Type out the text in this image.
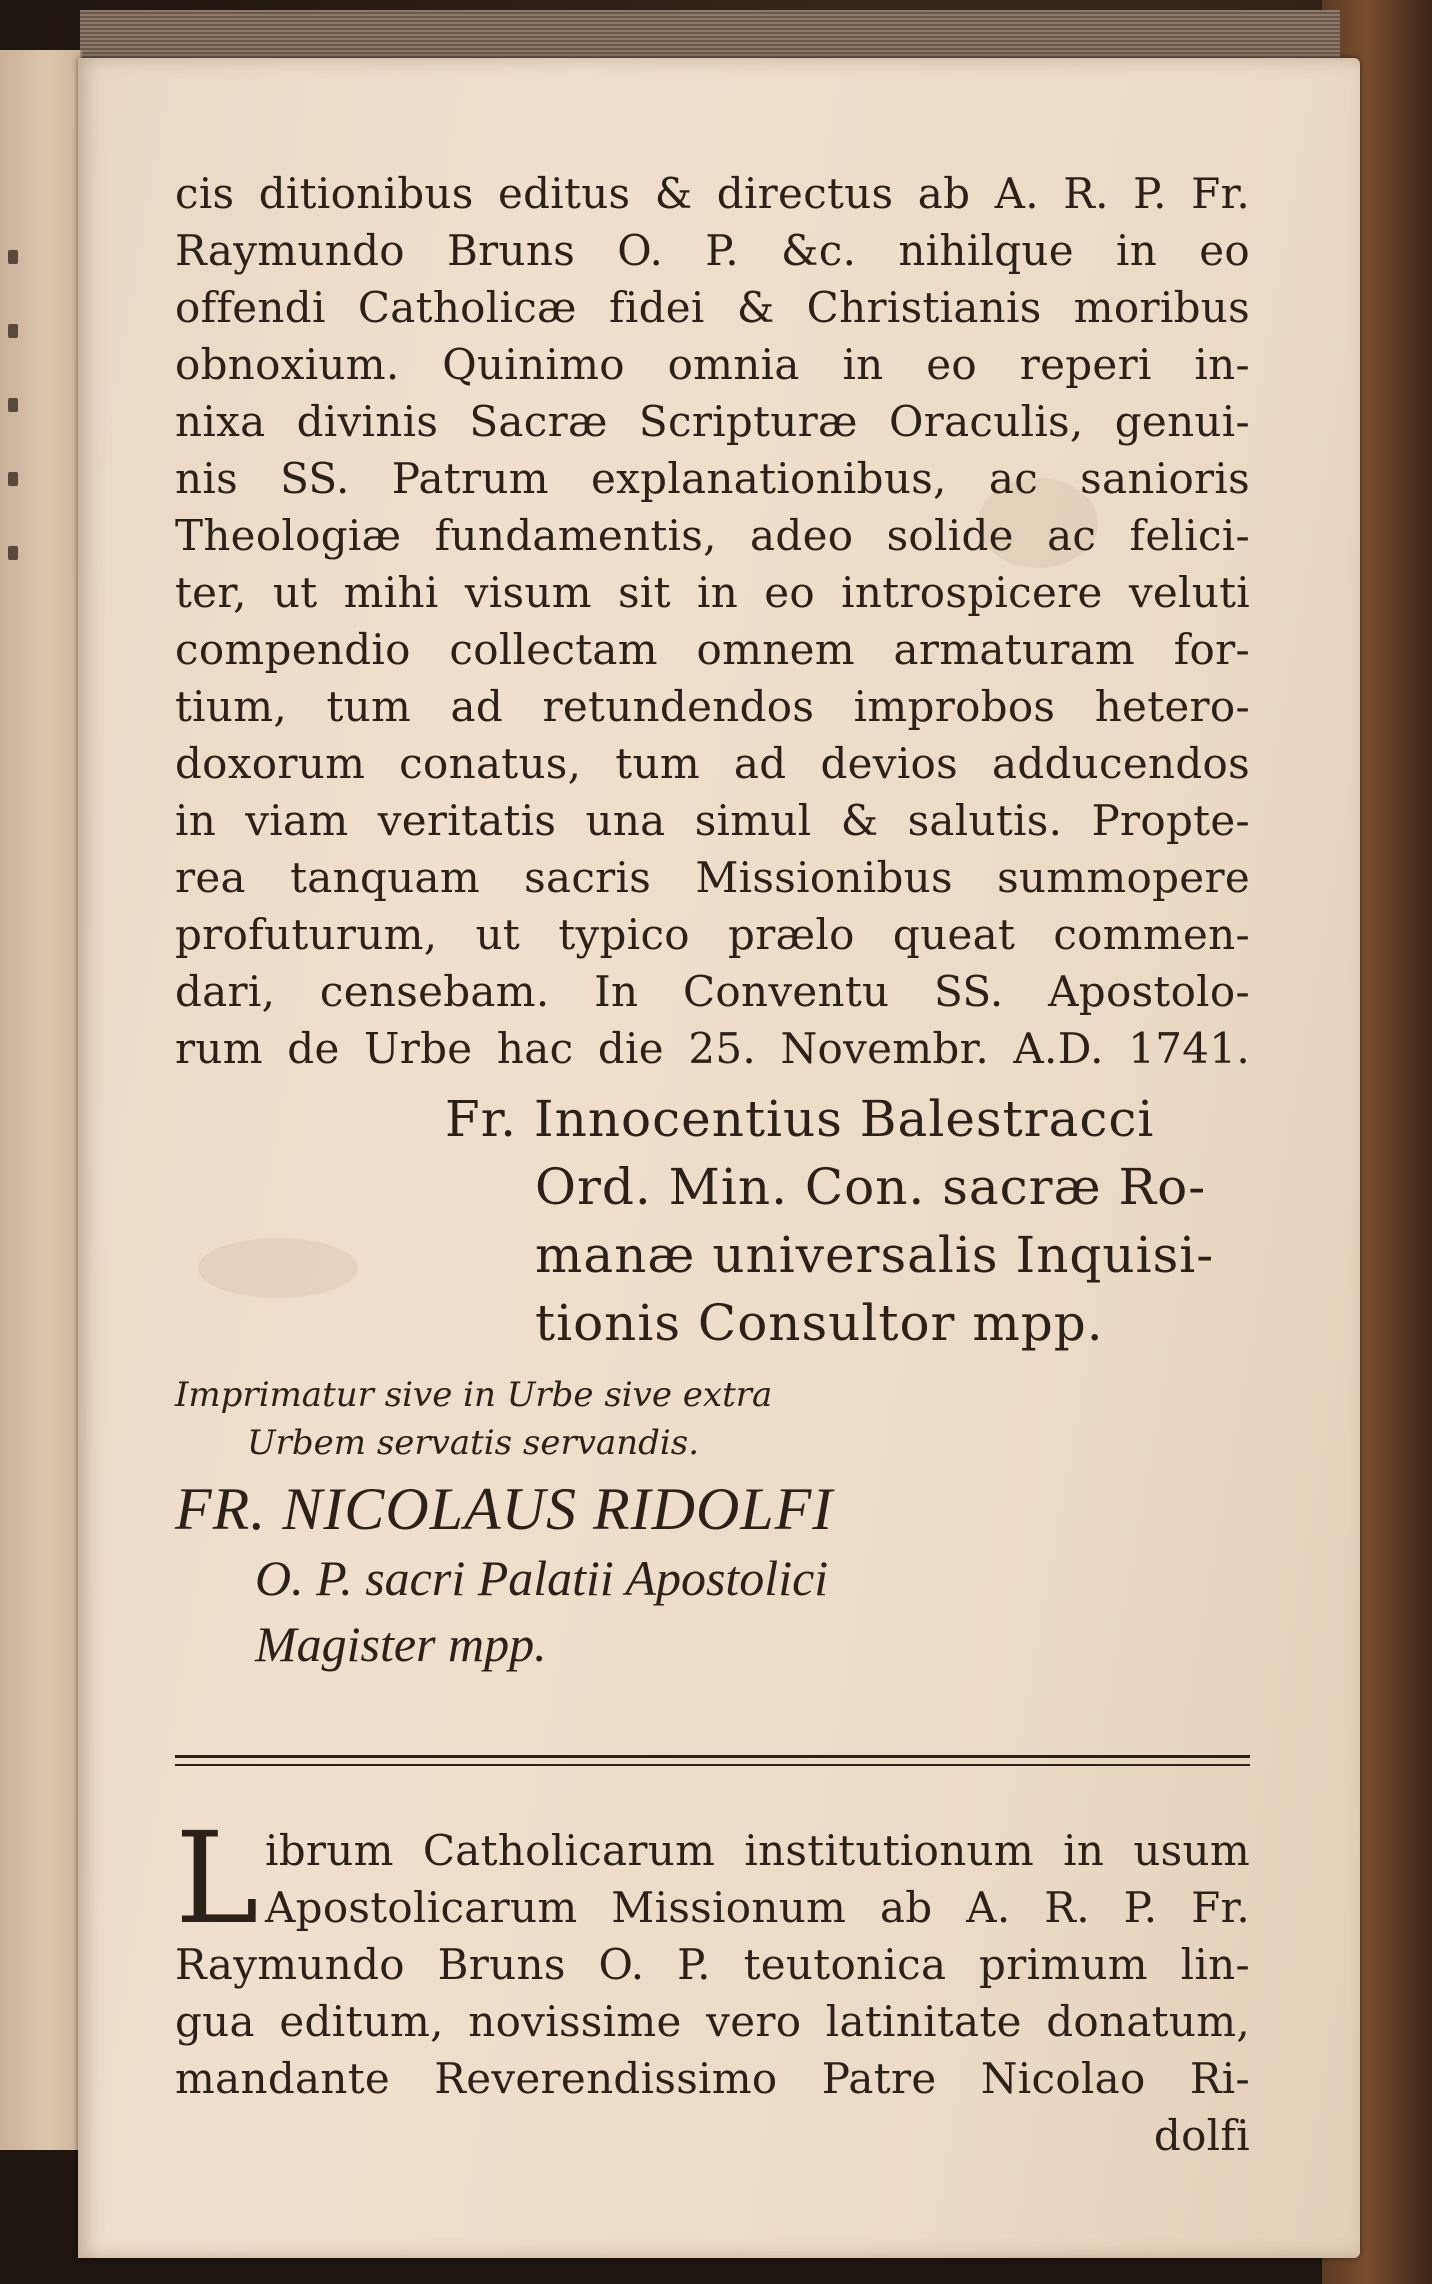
cis ditionibus editus & directus ab A. R. P. Fr.
Raymundo Bruns O. P. &c. nihilque in eo
offendi Catholicæ fidei & Christianis moribus
obnoxium. Quinimo omnia in eo reperi in-
nixa divinis Sacræ Scripturæ Oraculis, genui-
nis SS. Patrum explanationibus, ac sanioris
Theologiæ fundamentis, adeo solide ac felici-
ter, ut mihi visum sit in eo introspicere veluti
compendio collectam omnem armaturam for-
tium, tum ad retundendos improbos hetero-
doxorum conatus, tum ad devios adducendos
in viam veritatis una simul & salutis. Propte-
rea tanquam sacris Missionibus summopere
profuturum, ut typico prælo queat commen-
dari, censebam. In Conventu SS. Apostolo-
rum de Urbe hac die 25. Novembr. A.D. 1741.
Fr. Innocentius Balestracci
Ord. Min. Con. sacræ Ro-
manæ universalis Inquisi-
tionis Consultor mpp.
Imprimatur sive in Urbe sive extra
Urbem servatis servandis.
FR. NICOLAUS RIDOLFI
O. P. sacri Palatii Apostolici
Magister mpp.
L ibrum Catholicarum institutionum in usum
Apostolicarum Missionum ab A. R. P. Fr.
Raymundo Bruns O. P. teutonica primum lin-
gua editum, novissime vero latinitate donatum,
mandante Reverendissimo Patre Nicolao Ri-
dolfi
